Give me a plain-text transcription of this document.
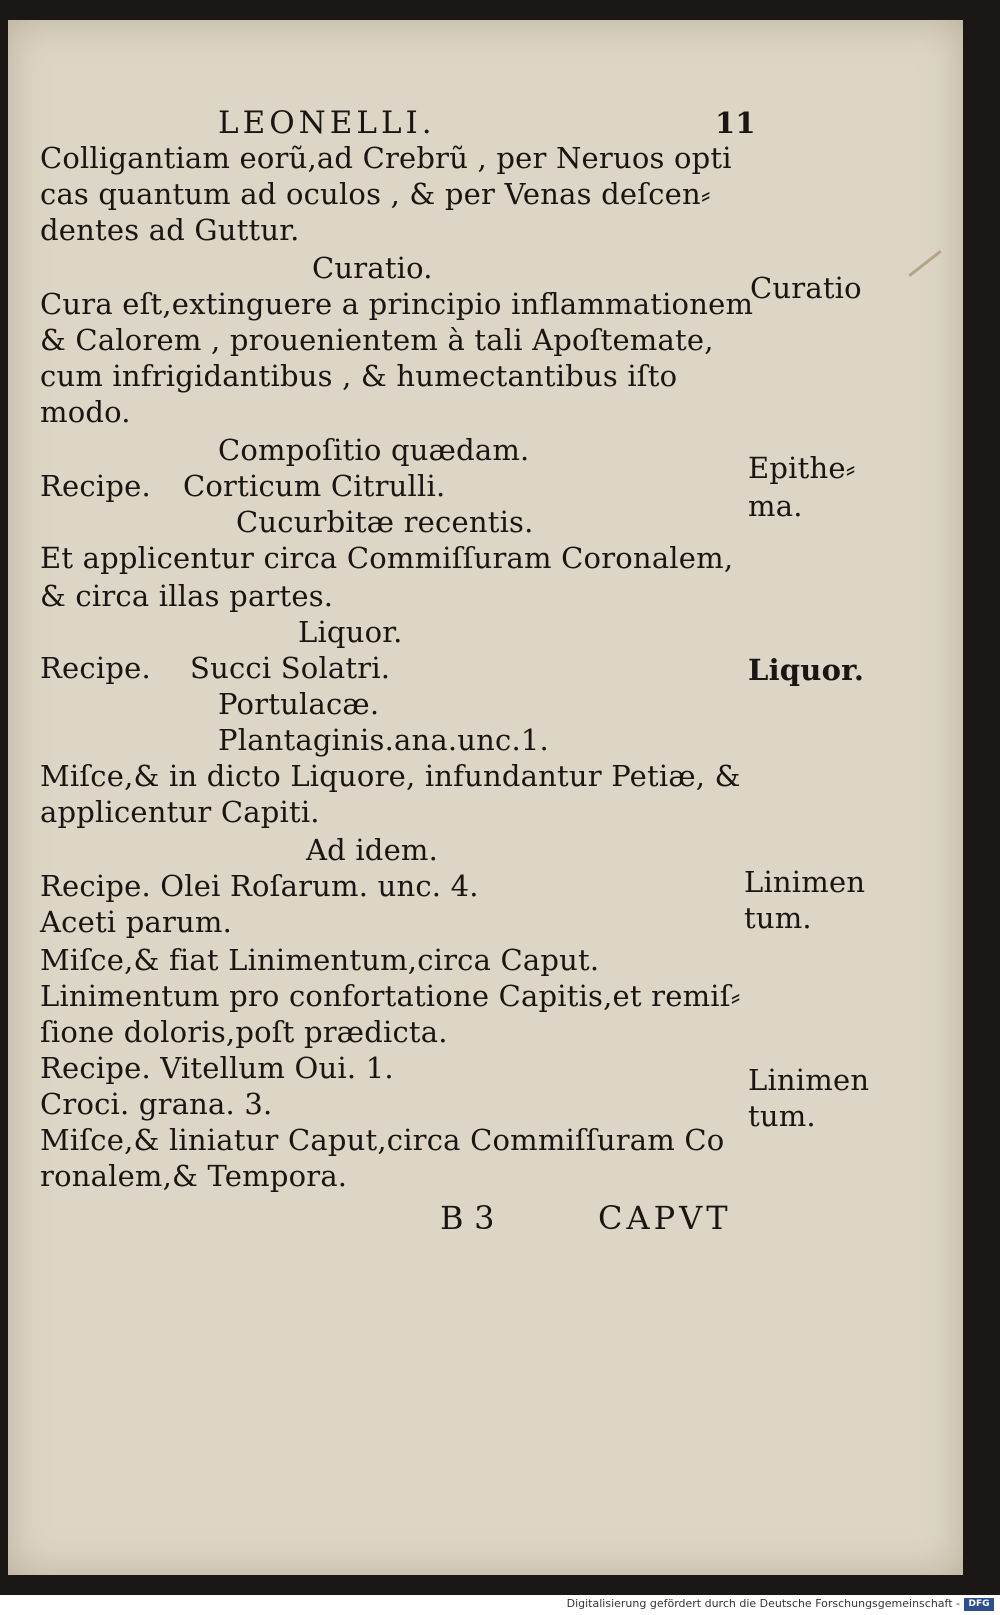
LEONELLI.	11
Colligantiam eorũ,ad Crebrũ , per Neruos opti
cas quantum ad oculos , & per Venas deſcen⸗
dentes ad Guttur.
Curatio.
Cura eſt,extinguere a principio inflammationem
& Calorem , prouenientem à tali Apoſtemate,
cum infrigidantibus , & humectantibus iſto
modo.
Compoſitio quædam.
Recipe. Corticum Citrulli.
Cucurbitæ recentis.
Et applicentur circa Commiſſuram Coronalem,
& circa illas partes.
Liquor.
Recipe. Succi Solatri.
Portulacæ.
Plantaginis.ana.unc.1.
Miſce,& in dicto Liquore, infundantur Petiæ, &
applicentur Capiti.
Ad idem.
Recipe. Olei Roſarum. unc. 4.
Aceti parum.
Miſce,& fiat Linimentum,circa Caput.
Linimentum pro confortatione Capitis,et remiſ⸗
ſione doloris,poſt prædicta.
Recipe. Vitellum Oui. 1.
Croci. grana. 3.
Miſce,& liniatur Caput,circa Commiſſuram Co
ronalem,& Tempora.
B 3	CAPVT
Curatio
Epithe⸗
ma.
Liquor.
Linimen
tum.
Linimen
tum.
Digitalisierung gefördert durch die Deutsche Forschungsgemeinschaft - DFG
